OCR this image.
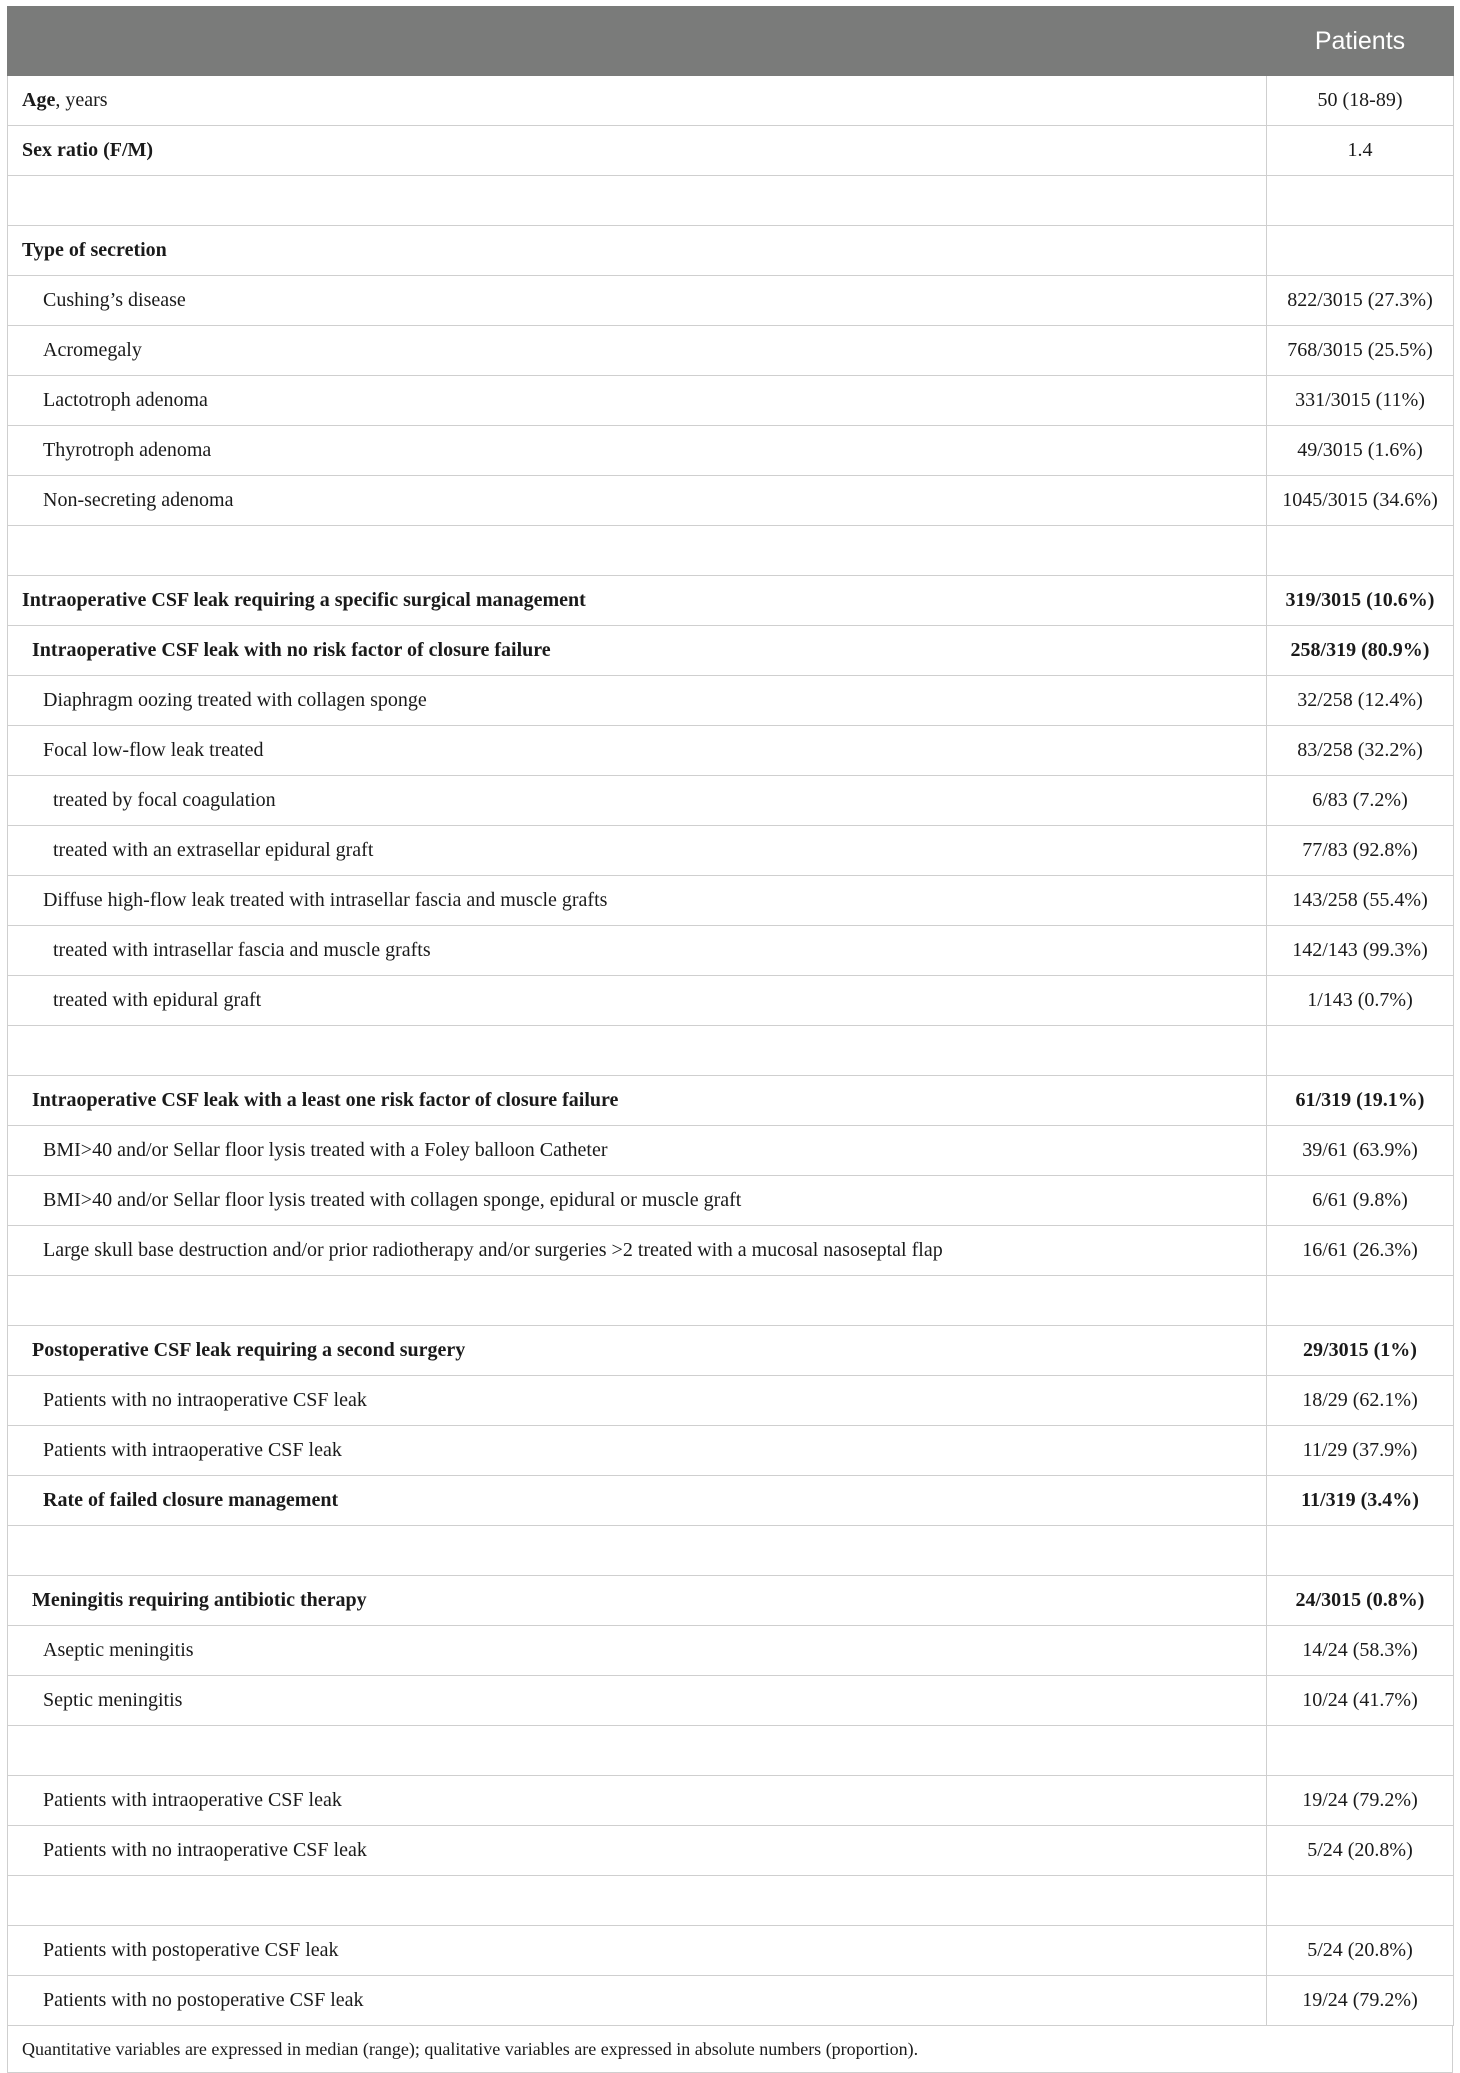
	Patients
Age, years	50 (18-89)
Sex ratio (F/M)	1.4

Type of secretion	
Cushing’s disease	822/3015 (27.3%)
Acromegaly	768/3015 (25.5%)
Lactotroph adenoma	331/3015 (11%)
Thyrotroph adenoma	49/3015 (1.6%)
Non-secreting adenoma	1045/3015 (34.6%)

Intraoperative CSF leak requiring a specific surgical management	319/3015 (10.6%)
Intraoperative CSF leak with no risk factor of closure failure	258/319 (80.9%)
Diaphragm oozing treated with collagen sponge	32/258 (12.4%)
Focal low-flow leak treated	83/258 (32.2%)
treated by focal coagulation	6/83 (7.2%)
treated with an extrasellar epidural graft	77/83 (92.8%)
Diffuse high-flow leak treated with intrasellar fascia and muscle grafts	143/258 (55.4%)
treated with intrasellar fascia and muscle grafts	142/143 (99.3%)
treated with epidural graft	1/143 (0.7%)

Intraoperative CSF leak with a least one risk factor of closure failure	61/319 (19.1%)
BMI>40 and/or Sellar floor lysis treated with a Foley balloon Catheter	39/61 (63.9%)
BMI>40 and/or Sellar floor lysis treated with collagen sponge, epidural or muscle graft	6/61 (9.8%)
Large skull base destruction and/or prior radiotherapy and/or surgeries >2 treated with a mucosal nasoseptal flap	16/61 (26.3%)

Postoperative CSF leak requiring a second surgery	29/3015 (1%)
Patients with no intraoperative CSF leak	18/29 (62.1%)
Patients with intraoperative CSF leak	11/29 (37.9%)
Rate of failed closure management	11/319 (3.4%)

Meningitis requiring antibiotic therapy	24/3015 (0.8%)
Aseptic meningitis	14/24 (58.3%)
Septic meningitis	10/24 (41.7%)

Patients with intraoperative CSF leak	19/24 (79.2%)
Patients with no intraoperative CSF leak	5/24 (20.8%)

Patients with postoperative CSF leak	5/24 (20.8%)
Patients with no postoperative CSF leak	19/24 (79.2%)
Quantitative variables are expressed in median (range); qualitative variables are expressed in absolute numbers (proportion).
